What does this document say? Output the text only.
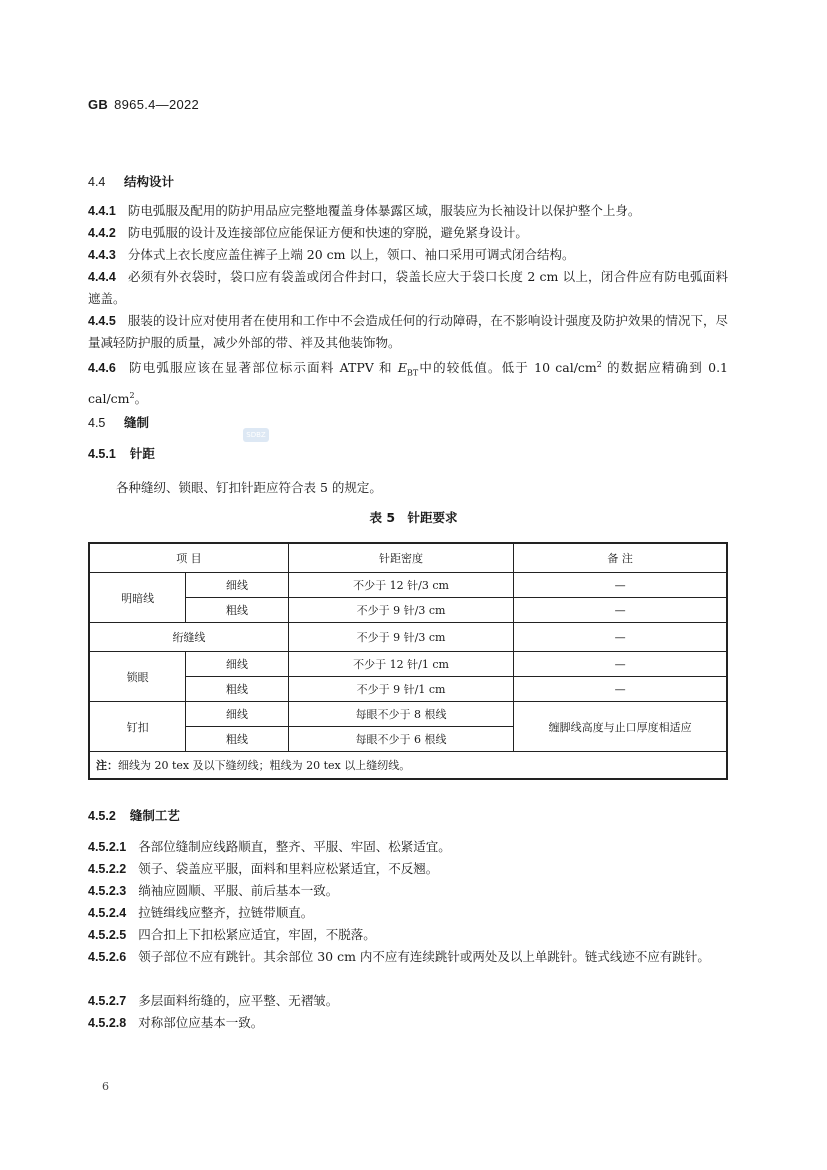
GB 8965.4—2022
4.4 结构设计
4.4.1 防电弧服及配用的防护用品应完整地覆盖身体暴露区域，服装应为长袖设计以保护整个上身。
4.4.2 防电弧服的设计及连接部位应能保证方便和快速的穿脱，避免紧身设计。
4.4.3 分体式上衣长度应盖住裤子上端 20 cm 以上，领口、袖口采用可调式闭合结构。
4.4.4 必须有外衣袋时，袋口应有袋盖或闭合件封口，袋盖长应大于袋口长度 2 cm 以上，闭合件应有防电弧面料遮盖。
4.4.5 服装的设计应对使用者在使用和工作中不会造成任何的行动障碍，在不影响设计强度及防护效果的情况下，尽量减轻防护服的质量，减少外部的带、袢及其他装饰物。
4.4.6 防电弧服应该在显著部位标示面料 ATPV 和 $E_{BT}$中的较低值。低于 10 cal/$cm^2$ 的数据应精确到 0.1 cal/$cm^2$。
4.5 缝制
SDBZ
4.5.1 针距
各种缝纫、锁眼、钉扣针距应符合表 5 的规定。
表 5　针距要求
项 目		针距密度	备 注
明暗线	细线	不少于 12 针/3 cm	—
	粗线	不少于 9 针/3 cm	—
绗缝线		不少于 9 针/3 cm	—
锁眼	细线	不少于 12 针/1 cm	—
	粗线	不少于 9 针/1 cm	—
钉扣	细线	每眼不少于 8 根线	缠脚线高度与止口厚度相适应
	粗线	每眼不少于 6 根线	
注：细线为 20 tex 及以下缝纫线；粗线为 20 tex 以上缝纫线。			
4.5.2 缝制工艺
4.5.2.1 各部位缝制应线路顺直，整齐、平服、牢固、松紧适宜。
4.5.2.2 领子、袋盖应平服，面料和里料应松紧适宜，不反翘。
4.5.2.3 绱袖应圆顺、平服、前后基本一致。
4.5.2.4 拉链缉线应整齐，拉链带顺直。
4.5.2.5 四合扣上下扣松紧应适宜，牢固，不脱落。
4.5.2.6 领子部位不应有跳针。其余部位 30 cm 内不应有连续跳针或两处及以上单跳针。链式线迹不应有跳针。
4.5.2.7 多层面料绗缝的，应平整、无褶皱。
4.5.2.8 对称部位应基本一致。
6
